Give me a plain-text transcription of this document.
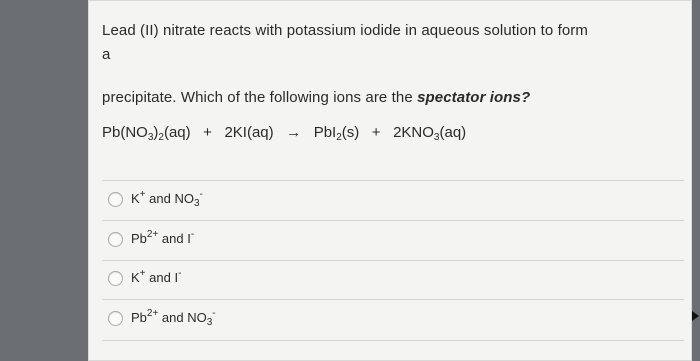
Lead (II) nitrate reacts with potassium iodide in aqueous solution to form
a
precipitate. Which of the following ions are the spectator ions?
$Pb(NO_3)_2(aq) + 2KI(aq) \to PbI_2(s) + 2KNO_3(aq)$
K+ and $NO_3^-$
$Pb^{2+}$ and I-
K+ and I-
$Pb^{2+}$ and $NO_3^-$
